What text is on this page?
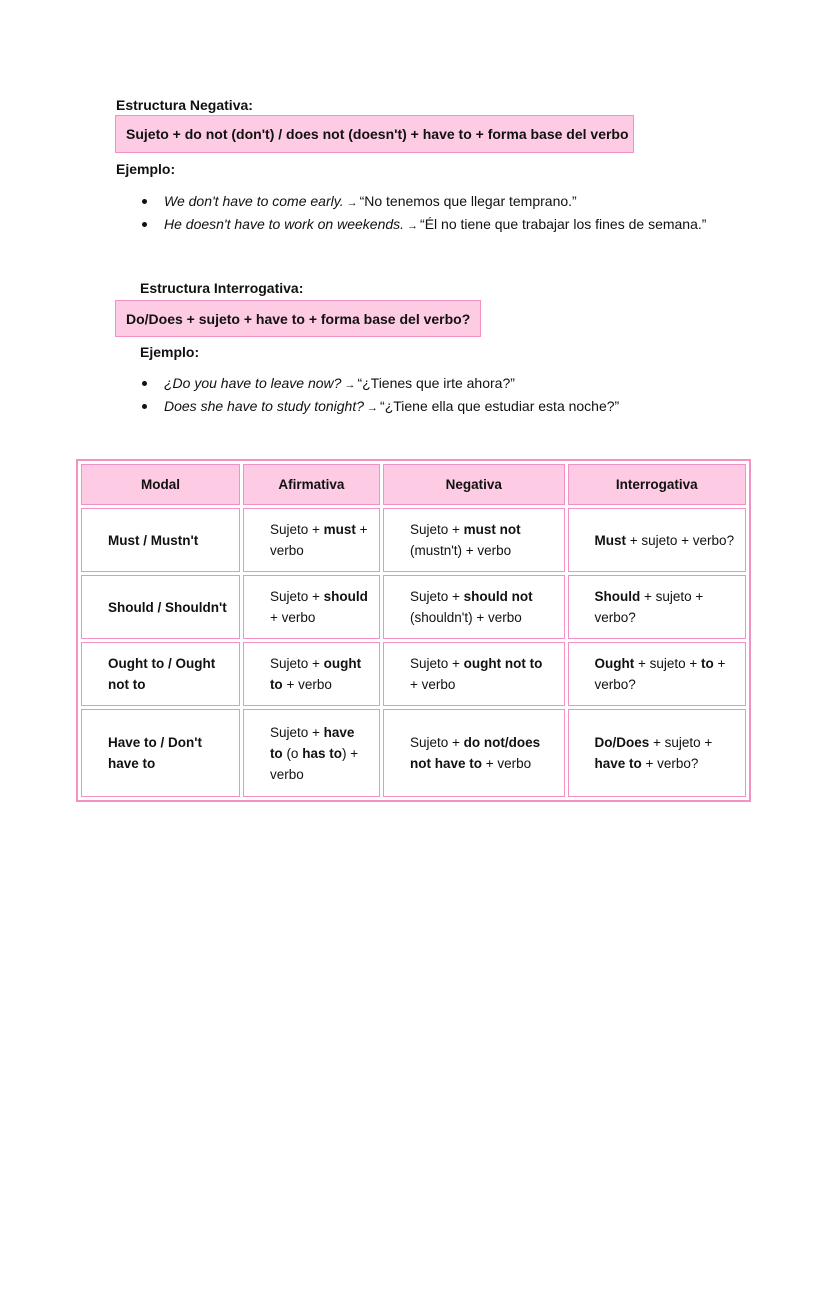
Estructura Negativa:
Sujeto + do not (don't) / does not (doesn't) + have to + forma base del verbo
Ejemplo:
We don't have to come early. → “No tenemos que llegar temprano.”
He doesn't have to work on weekends. → “Él no tiene que trabajar los fines de semana.”
Estructura Interrogativa:
Do/Does + sujeto + have to + forma base del verbo?
Ejemplo:
¿Do you have to leave now? → “¿Tienes que irte ahora?”
Does she have to study tonight? → “¿Tiene ella que estudiar esta noche?”
Modal	Afirmativa	Negativa	Interrogativa
Must / Mustn't	Sujeto + must + verbo	Sujeto + must not (mustn't) + verbo	Must + sujeto + verbo?
Should / Shouldn't	Sujeto + should + verbo	Sujeto + should not (shouldn't) + verbo	Should + sujeto + verbo?
Ought to / Ought not to	Sujeto + ought to + verbo	Sujeto + ought not to + verbo	Ought + sujeto + to + verbo?
Have to / Don't have to	Sujeto + have to (o has to) + verbo	Sujeto + do not/does not have to + verbo	Do/Does + sujeto + have to + verbo?
